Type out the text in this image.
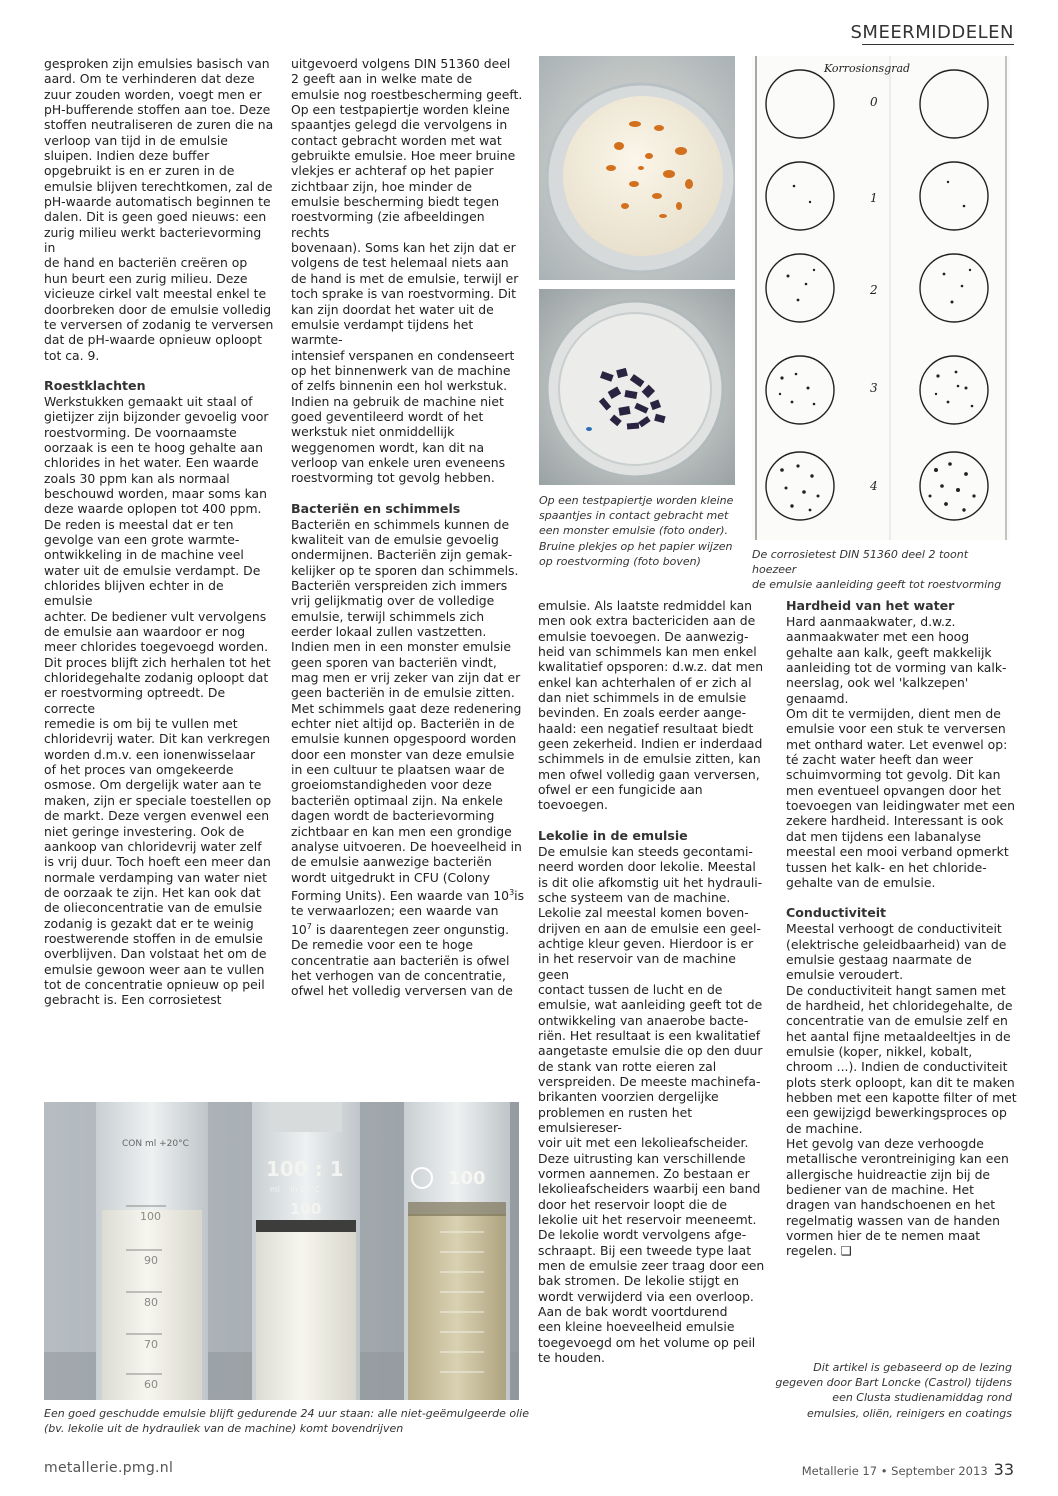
SMEERMIDDELEN

gesproken zijn emulsies basisch van
aard. Om te verhinderen dat deze
zuur zouden worden, voegt men er
pH-bufferende stoffen aan toe. Deze
stoffen neutraliseren de zuren die na
verloop van tijd in de emulsie
sluipen. Indien deze buffer
opgebruikt is en er zuren in de
emulsie blijven terechtkomen, zal de
pH-waarde automatisch beginnen te
dalen. Dit is geen goed nieuws: een
zurig milieu werkt bacterievorming in
de hand en bacteriën creëren op
hun beurt een zurig milieu. Deze
vicieuze cirkel valt meestal enkel te
doorbreken door de emulsie volledig
te verversen of zodanig te verversen
dat de pH-waarde opnieuw oploopt
tot ca. 9.

Roestklachten

Werkstukken gemaakt uit staal of
gietijzer zijn bijzonder gevoelig voor
roestvorming. De voornaamste
oorzaak is een te hoog gehalte aan
chlorides in het water. Een waarde
zoals 30 ppm kan als normaal
beschouwd worden, maar soms kan
deze waarde oplopen tot 400 ppm.
De reden is meestal dat er ten
gevolge van een grote warmte-
ontwikkeling in de machine veel
water uit de emulsie verdampt. De
chlorides blijven echter in de emulsie
achter. De bediener vult vervolgens
de emulsie aan waardoor er nog
meer chlorides toegevoegd worden.
Dit proces blijft zich herhalen tot het
chloridegehalte zodanig oploopt dat
er roestvorming optreedt. De correcte
remedie is om bij te vullen met
chloridevrij water. Dit kan verkregen
worden d.m.v. een ionenwisselaar
of het proces van omgekeerde
osmose. Om dergelijk water aan te
maken, zijn er speciale toestellen op
de markt. Deze vergen evenwel een
niet geringe investering. Ook de
aankoop van chloridevrij water zelf
is vrij duur. Toch hoeft een meer dan
normale verdamping van water niet
de oorzaak te zijn. Het kan ook dat
de olieconcentratie van de emulsie
zodanig is gezakt dat er te weinig
roestwerende stoffen in de emulsie
overblijven. Dan volstaat het om de
emulsie gewoon weer aan te vullen
tot de concentratie opnieuw op peil
gebracht is. Een corrosietest

uitgevoerd volgens DIN 51360 deel
2 geeft aan in welke mate de
emulsie nog roestbescherming geeft.
Op een testpapiertje worden kleine
spaantjes gelegd die vervolgens in
contact gebracht worden met wat
gebruikte emulsie. Hoe meer bruine
vlekjes er achteraf op het papier
zichtbaar zijn, hoe minder de
emulsie bescherming biedt tegen
roestvorming (zie afbeeldingen rechts
bovenaan). Soms kan het zijn dat er
volgens de test helemaal niets aan
de hand is met de emulsie, terwijl er
toch sprake is van roestvorming. Dit
kan zijn doordat het water uit de
emulsie verdampt tijdens het warmte-
intensief verspanen en condenseert
op het binnenwerk van de machine
of zelfs binnenin een hol werkstuk.
Indien na gebruik de machine niet
goed geventileerd wordt of het
werkstuk niet onmiddellijk
weggenomen wordt, kan dit na
verloop van enkele uren eveneens
roestvorming tot gevolg hebben.

Bacteriën en schimmels

Bacteriën en schimmels kunnen de
kwaliteit van de emulsie gevoelig
ondermijnen. Bacteriën zijn gemak-
kelijker op te sporen dan schimmels.
Bacteriën verspreiden zich immers
vrij gelijkmatig over de volledige
emulsie, terwijl schimmels zich
eerder lokaal zullen vastzetten.
Indien men in een monster emulsie
geen sporen van bacteriën vindt,
mag men er vrij zeker van zijn dat er
geen bacteriën in de emulsie zitten.
Met schimmels gaat deze redenering
echter niet altijd op. Bacteriën in de
emulsie kunnen opgespoord worden
door een monster van deze emulsie
in een cultuur te plaatsen waar de
groeiomstandigheden voor deze
bacteriën optimaal zijn. Na enkele
dagen wordt de bacterievorming
zichtbaar en kan men een grondige
analyse uitvoeren. De hoeveelheid in
de emulsie aanwezige bacteriën
wordt uitgedrukt in CFU (Colony
Forming Units). Een waarde van $10^3is$ te verwaarlozen; een waarde van
$10^7$ is daarentegen zeer ongunstig.
De remedie voor een te hoge
concentratie aan bacteriën is ofwel
het verhogen van de concentratie,
ofwel het volledig verversen van de

emulsie. Als laatste redmiddel kan
men ook extra bactericiden aan de
emulsie toevoegen. De aanwezig-
heid van schimmels kan men enkel
kwalitatief opsporen: d.w.z. dat men
enkel kan achterhalen of er zich al
dan niet schimmels in de emulsie
bevinden. En zoals eerder aange-
haald: een negatief resultaat biedt
geen zekerheid. Indien er inderdaad
schimmels in de emulsie zitten, kan
men ofwel volledig gaan verversen,
ofwel er een fungicide aan
toevoegen.

Lekolie in de emulsie

De emulsie kan steeds gecontami-
neerd worden door lekolie. Meestal
is dit olie afkomstig uit het hydrauli-
sche systeem van de machine.
Lekolie zal meestal komen boven-
drijven en aan de emulsie een geel-
achtige kleur geven. Hierdoor is er
in het reservoir van de machine geen
contact tussen de lucht en de
emulsie, wat aanleiding geeft tot de
ontwikkeling van anaerobe bacte-
riën. Het resultaat is een kwalitatief
aangetaste emulsie die op den duur
de stank van rotte eieren zal
verspreiden. De meeste machinefa-
brikanten voorzien dergelijke
problemen en rusten het emulsiereser-
voir uit met een lekolieafscheider.
Deze uitrusting kan verschillende
vormen aannemen. Zo bestaan er
lekolieafscheiders waarbij een band
door het reservoir loopt die de
lekolie uit het reservoir meeneemt.
De lekolie wordt vervolgens afge-
schraapt. Bij een tweede type laat
men de emulsie zeer traag door een
bak stromen. De lekolie stijgt en
wordt verwijderd via een overloop.
Aan de bak wordt voortdurend
een kleine hoeveelheid emulsie
toegevoegd om het volume op peil
te houden.

Hardheid van het water

Hard aanmaakwater, d.w.z.
aanmaakwater met een hoog
gehalte aan kalk, geeft makkelijk
aanleiding tot de vorming van kalk-
neerslag, ook wel 'kalkzepen'
genaamd.
Om dit te vermijden, dient men de
emulsie voor een stuk te verversen
met onthard water. Let evenwel op:
té zacht water heeft dan weer
schuimvorming tot gevolg. Dit kan
men eventueel opvangen door het
toevoegen van leidingwater met een
zekere hardheid. Interessant is ook
dat men tijdens een labanalyse
meestal een mooi verband opmerkt
tussen het kalk- en het chloride-
gehalte van de emulsie.

Conductiviteit

Meestal verhoogt de conductiviteit
(elektrische geleidbaarheid) van de
emulsie gestaag naarmate de
emulsie veroudert.
De conductiviteit hangt samen met
de hardheid, het chloridegehalte, de
concentratie van de emulsie zelf en
het aantal fijne metaaldeeltjes in de
emulsie (koper, nikkel, kobalt,
chroom ...). Indien de conductiviteit
plots sterk oploopt, kan dit te maken
hebben met een kapotte filter of met
een gewijzigd bewerkingsproces op
de machine.
Het gevolg van deze verhoogde
metallische verontreiniging kan een
allergische huidreactie zijn bij de
bediener van de machine. Het
dragen van handschoenen en het
regelmatig wassen van de handen
vormen hier de te nemen maat
regelen. ❑

Op een testpapiertje worden kleine
spaantjes in contact gebracht met
een monster emulsie (foto onder).
Bruine plekjes op het papier wijzen
op roestvorming (foto boven)
Korrosionsgrad
0
1
2
3
4
De corrosietest DIN 51360 deel 2 toont hoezeer
de emulsie aanleiding geeft tot roestvorming
CON ml +20°C
100
90
80
70
60
100 : 1
ml    In 20°C
100
100
Een goed geschudde emulsie blijft gedurende 24 uur staan: alle niet-geëmulgeerde olie
(bv. lekolie uit de hydrauliek van de machine) komt bovendrijven
Dit artikel is gebaseerd op de lezing
gegeven door Bart Loncke (Castrol) tijdens
een Clusta studienamiddag rond
emulsies, oliën, reinigers en coatings
metallerie.pmg.nl	Metallerie 17 • September 2013 33
